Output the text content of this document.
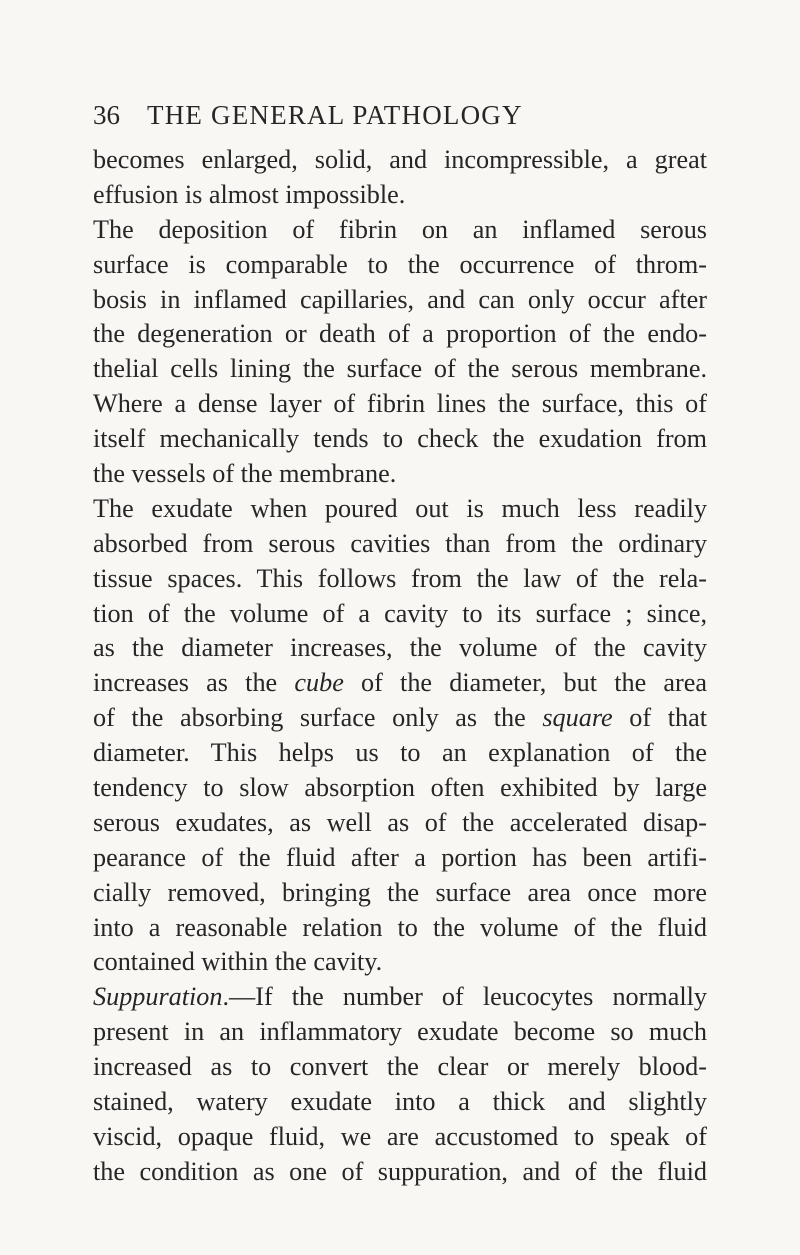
36 THE GENERAL PATHOLOGY
becomes enlarged, solid, and incompressible, a great
effusion is almost impossible.
The deposition of fibrin on an inflamed serous
surface is comparable to the occurrence of throm-
bosis in inflamed capillaries, and can only occur after
the degeneration or death of a proportion of the endo-
thelial cells lining the surface of the serous membrane.
Where a dense layer of fibrin lines the surface, this of
itself mechanically tends to check the exudation from
the vessels of the membrane.
The exudate when poured out is much less readily
absorbed from serous cavities than from the ordinary
tissue spaces. This follows from the law of the rela-
tion of the volume of a cavity to its surface ; since,
as the diameter increases, the volume of the cavity
increases as the cube of the diameter, but the area
of the absorbing surface only as the square of that
diameter. This helps us to an explanation of the
tendency to slow absorption often exhibited by large
serous exudates, as well as of the accelerated disap-
pearance of the fluid after a portion has been artifi-
cially removed, bringing the surface area once more
into a reasonable relation to the volume of the fluid
contained within the cavity.
Suppuration.—If the number of leucocytes normally
present in an inflammatory exudate become so much
increased as to convert the clear or merely blood-
stained, watery exudate into a thick and slightly
viscid, opaque fluid, we are accustomed to speak of
the condition as one of suppuration, and of the fluid
